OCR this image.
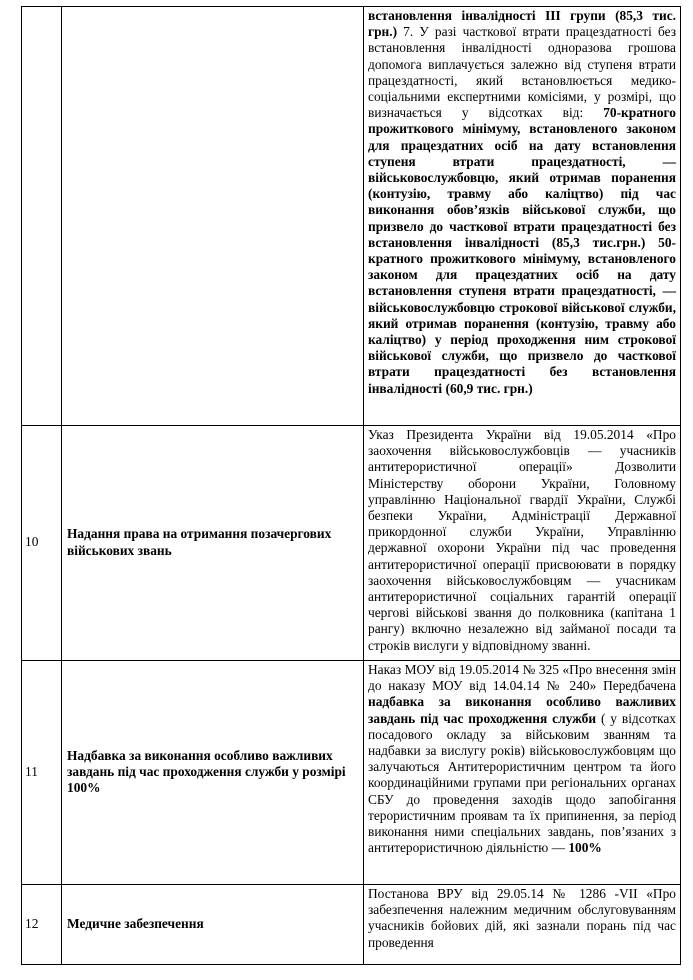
		встановлення інвалідності ІІІ групи (85,3 тис. грн.) 7. У разі часткової втрати працездатності без встановлення інвалідності одноразова грошова допомога виплачується залежно від ступеня втрати працездатності, який встановлюється медико-соціальними експертними комісіями, у розмірі, що визначається у відсотках від: 70-кратного прожиткового мінімуму, встановленого законом для працездатних осіб на дату встановлення ступеня втрати працездатності, — військовослужбовцю, який отримав поранення (контузію, травму або каліцтво) під час виконання обов’язків військової служби, що призвело до часткової втрати працездатності без встановлення інвалідності (85,3 тис.грн.) 50-кратного прожиткового мінімуму, встановленого законом для працездатних осіб на дату встановлення ступеня втрати працездатності, — військовослужбовцю строкової військової служби, який отримав поранення (контузію, травму або каліцтво) у період проходження ним строкової військової служби, що призвело до часткової втрати працездатності без встановлення інвалідності (60,9 тис. грн.)

10	Надання права на отримання позачергових військових звань	Указ Президента України від 19.05.2014 «Про заохочення військовослужбовців — учасників антитерористичної операції» Дозволити Міністерству оборони України, Головному управлінню Національної гвардії України, Службі безпеки України, Адміністрації Державної прикордонної служби України, Управлінню державної охорони України під час проведення антитерористичної операції присвоювати в порядку заохочення військовослужбовцям — учасникам антитерористичної соціальних гарантій операції чергові військові звання до полковника (капітана 1 рангу) включно незалежно від займаної посади та строків вислуги у відповідному званні.

11	Надбавка за виконання особливо важливих завдань під час проходження служби у розмірі 100%	Наказ МОУ від 19.05.2014 № 325 «Про внесення змін до наказу МОУ від 14.04.14 № 240» Передбачена надбавка за виконання особливо важливих завдань під час проходження служби ( у відсотках посадового окладу за військовим званням та надбавки за вислугу років) військовослужбовцям що залучаються Антитерористичним центром та його координаційними групами при регіональних органах СБУ до проведення заходів щодо запобігання терористичним проявам та їх припинення, за період виконання ними спеціальних завдань, пов’язаних з антитерористичною діяльністю — 100%

12	Медичне забезпечення	Постанова ВРУ від 29.05.14 № 1286 -VII «Про забезпечення належним медичним обслуговуванням учасників бойових дій, які зазнали порань під час проведення
